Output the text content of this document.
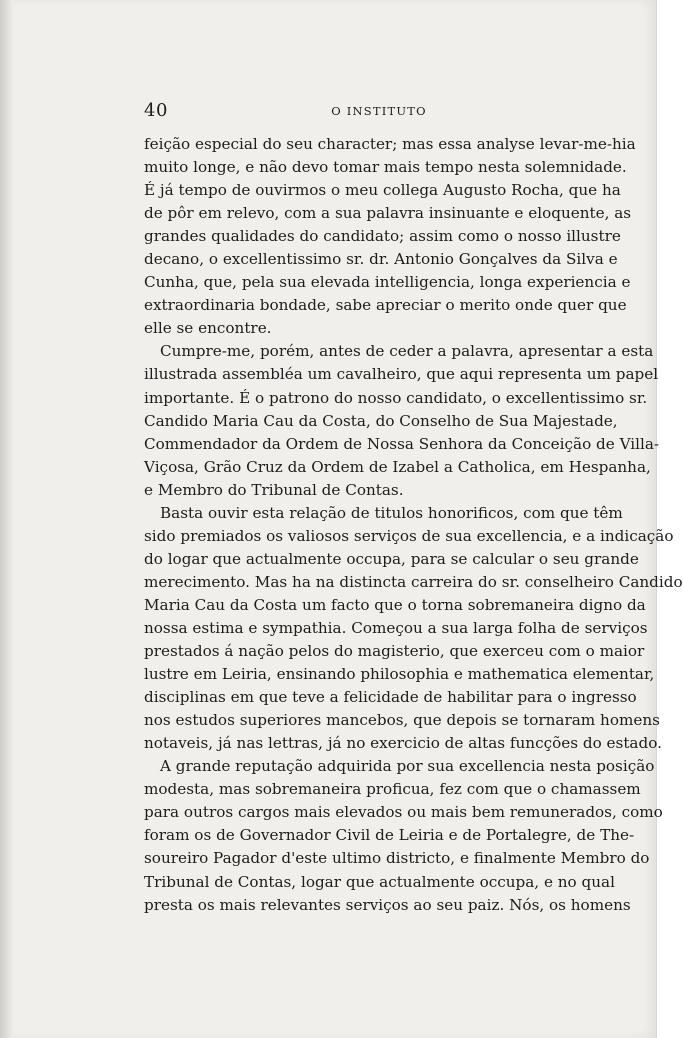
40	O INSTITUTO
feição especial do seu character; mas essa analyse levar-me-hia
muito longe, e não devo tomar mais tempo nesta solemnidade.
É já tempo de ouvirmos o meu collega Augusto Rocha, que ha
de pôr em relevo, com a sua palavra insinuante e eloquente, as
grandes qualidades do candidato; assim como o nosso illustre
decano, o excellentissimo sr. dr. Antonio Gonçalves da Silva e
Cunha, que, pela sua elevada intelligencia, longa experiencia e
extraordinaria bondade, sabe apreciar o merito onde quer que
elle se encontre.
Cumpre-me, porém, antes de ceder a palavra, apresentar a esta
illustrada assembléa um cavalheiro, que aqui representa um papel
importante. É o patrono do nosso candidato, o excellentissimo sr.
Candido Maria Cau da Costa, do Conselho de Sua Majestade,
Commendador da Ordem de Nossa Senhora da Conceição de Villa-
Viçosa, Grão Cruz da Ordem de Izabel a Catholica, em Hespanha,
e Membro do Tribunal de Contas.
Basta ouvir esta relação de titulos honorificos, com que têm
sido premiados os valiosos serviços de sua excellencia, e a indicação
do logar que actualmente occupa, para se calcular o seu grande
merecimento. Mas ha na distincta carreira do sr. conselheiro Candido
Maria Cau da Costa um facto que o torna sobremaneira digno da
nossa estima e sympathia. Começou a sua larga folha de serviços
prestados á nação pelos do magisterio, que exerceu com o maior
lustre em Leiria, ensinando philosophia e mathematica elementar,
disciplinas em que teve a felicidade de habilitar para o ingresso
nos estudos superiores mancebos, que depois se tornaram homens
notaveis, já nas lettras, já no exercicio de altas funcções do estado.
A grande reputação adquirida por sua excellencia nesta posição
modesta, mas sobremaneira proficua, fez com que o chamassem
para outros cargos mais elevados ou mais bem remunerados, como
foram os de Governador Civil de Leiria e de Portalegre, de The-
soureiro Pagador d'este ultimo districto, e finalmente Membro do
Tribunal de Contas, logar que actualmente occupa, e no qual
presta os mais relevantes serviços ao seu paiz. Nós, os homens
